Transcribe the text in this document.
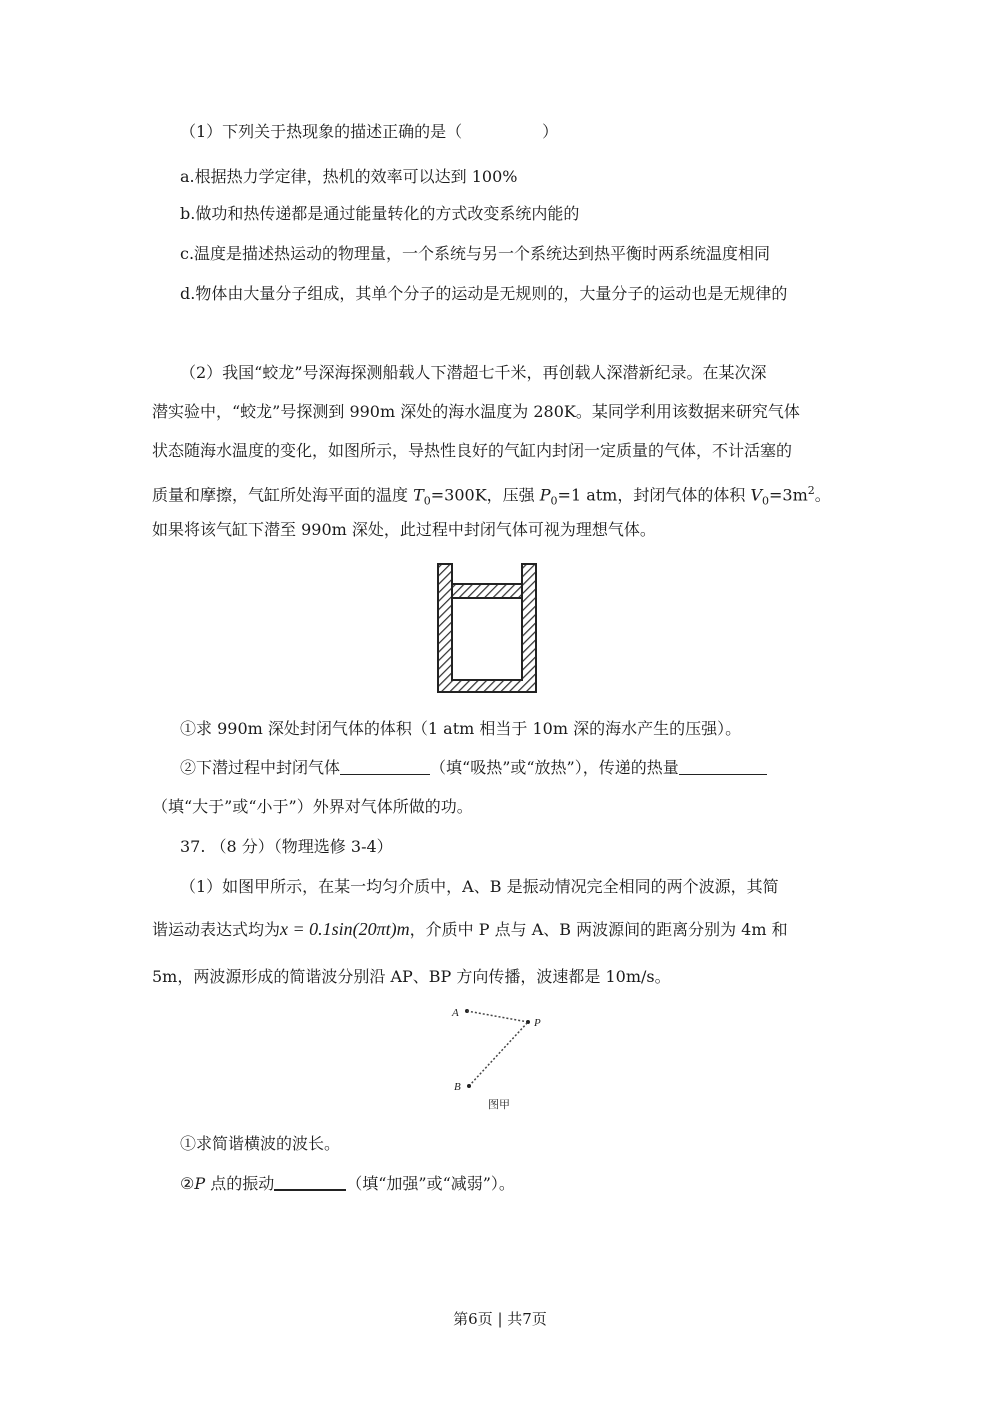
（1）下列关于热现象的描述正确的是（　　　　　）
a.根据热力学定律，热机的效率可以达到 100%
b.做功和热传递都是通过能量转化的方式改变系统内能的
c.温度是描述热运动的物理量，一个系统与另一个系统达到热平衡时两系统温度相同
d.物体由大量分子组成，其单个分子的运动是无规则的，大量分子的运动也是无规律的
（2）我国“蛟龙”号深海探测船载人下潜超七千米，再创载人深潜新纪录。在某次深
潜实验中，“蛟龙”号探测到 990m 深处的海水温度为 280K。某同学利用该数据来研究气体
状态随海水温度的变化，如图所示，导热性良好的气缸内封闭一定质量的气体，不计活塞的
质量和摩擦，气缸所处海平面的温度 $T_0=300K$，压强 $P_0=1$ atm，封闭气体的体积 $V_0=3m^2$。
如果将该气缸下潜至 990m 深处，此过程中封闭气体可视为理想气体。
①求 990m 深处封闭气体的体积（1 atm 相当于 10m 深的海水产生的压强）。
②下潜过程中封闭气体	（填“吸热”或“放热”），传递的热量
（填“大于”或“小于”）外界对气体所做的功。
37. （8 分）（物理选修 3-4）
（1）如图甲所示，在某一均匀介质中，A、B 是振动情况完全相同的两个波源，其简
谐运动表达式均为x = 0.1sin(20πt)m，介质中 P 点与 A、B 两波源间的距离分别为 4m 和
5m，两波源形成的简谐波分别沿 AP、BP 方向传播，波速都是 10m/s。
A
P
B
图甲
①求简谐横波的波长。
②P 点的振动	（填“加强”或“减弱”）。
第6页 | 共7页
